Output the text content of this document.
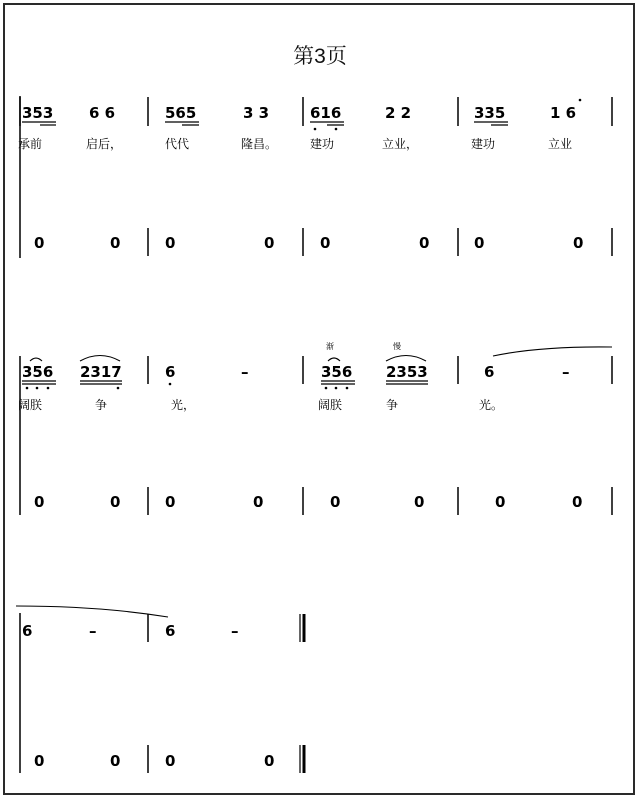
第3页
353 6 6	565	3 3	616	2 2	335	1 6
承前	启后，	代代	隆昌。	建功	立业，	建功	立业
0	0	0	0	0	0	0	0
渐	慢
356 2317	6	–	356 2353	6	–
阔朕	争	光，	阔朕	争	光。
0	0	0	0	0	0	0	0
6	–	6	–
0	0	0	0
